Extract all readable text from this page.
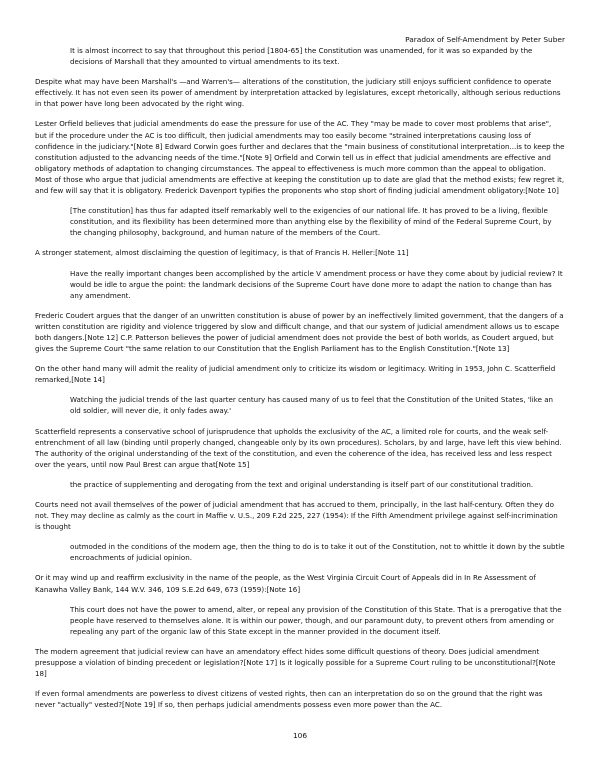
Paradox of Self-Amendment by Peter Suber

It is almost incorrect to say that throughout this period [1804-65] the Constitution was unamended, for it was so expanded by the decisions of Marshall that they amounted to virtual amendments to its text.

Despite what may have been Marshall's —and Warren's— alterations of the constitution, the judiciary still enjoys sufficient confidence to operate effectively. It has not even seen its power of amendment by interpretation attacked by legislatures, except rhetorically, although serious reductions in that power have long been advocated by the right wing.

Lester Orfield believes that judicial amendments do ease the pressure for use of the AC. They "may be made to cover most problems that arise", but if the procedure under the AC is too difficult, then judicial amendments may too easily become "strained interpretations causing loss of confidence in the judiciary."[Note 8] Edward Corwin goes further and declares that the "main business of constitutional interpretation...is to keep the constitution adjusted to the advancing needs of the time."[Note 9] Orfield and Corwin tell us in effect that judicial amendments are effective and obligatory methods of adaptation to changing circumstances. The appeal to effectiveness is much more common than the appeal to obligation. Most of those who argue that judicial amendments are effective at keeping the constitution up to date are glad that the method exists; few regret it, and few will say that it is obligatory. Frederick Davenport typifies the proponents who stop short of finding judicial amendment obligatory:[Note 10]

[The constitution] has thus far adapted itself remarkably well to the exigencies of our national life. It has proved to be a living, flexible constitution, and its flexibility has been determined more than anything else by the flexibility of mind of the Federal Supreme Court, by the changing philosophy, background, and human nature of the members of the Court.

A stronger statement, almost disclaiming the question of legitimacy, is that of Francis H. Heller:[Note 11]

Have the really important changes been accomplished by the article V amendment process or have they come about by judicial review? It would be idle to argue the point: the landmark decisions of the Supreme Court have done more to adapt the nation to change than has any amendment.

Frederic Coudert argues that the danger of an unwritten constitution is abuse of power by an ineffectively limited government, that the dangers of a written constitution are rigidity and violence triggered by slow and difficult change, and that our system of judicial amendment allows us to escape both dangers.[Note 12] C.P. Patterson believes the power of judicial amendment does not provide the best of both worlds, as Coudert argued, but gives the Supreme Court "the same relation to our Constitution that the English Parliament has to the English Constitution."[Note 13]

On the other hand many will admit the reality of judicial amendment only to criticize its wisdom or legitimacy. Writing in 1953, John C. Scatterfield remarked,[Note 14]

Watching the judicial trends of the last quarter century has caused many of us to feel that the Constitution of the United States, 'like an old soldier, will never die, it only fades away.'

Scatterfield represents a conservative school of jurisprudence that upholds the exclusivity of the AC, a limited role for courts, and the weak self-entrenchment of all law (binding until properly changed, changeable only by its own procedures). Scholars, by and large, have left this view behind. The authority of the original understanding of the text of the constitution, and even the coherence of the idea, has received less and less respect over the years, until now Paul Brest can argue that[Note 15]

the practice of supplementing and derogating from the text and original understanding is itself part of our constitutional tradition.

Courts need not avail themselves of the power of judicial amendment that has accrued to them, principally, in the last half-century. Often they do not. They may decline as calmly as the court in Maffie v. U.S., 209 F.2d 225, 227 (1954): If the Fifth Amendment privilege against self-incrimination is thought

outmoded in the conditions of the modern age, then the thing to do is to take it out of the Constitution, not to whittle it down by the subtle encroachments of judicial opinion.

Or it may wind up and reaffirm exclusivity in the name of the people, as the West Virginia Circuit Court of Appeals did in In Re Assessment of Kanawha Valley Bank, 144 W.V. 346, 109 S.E.2d 649, 673 (1959):[Note 16]

This court does not have the power to amend, alter, or repeal any provision of the Constitution of this State. That is a prerogative that the people have reserved to themselves alone. It is within our power, though, and our paramount duty, to prevent others from amending or repealing any part of the organic law of this State except in the manner provided in the document itself.

The modern agreement that judicial review can have an amendatory effect hides some difficult questions of theory. Does judicial amendment presuppose a violation of binding precedent or legislation?[Note 17] Is it logically possible for a Supreme Court ruling to be unconstitutional?[Note 18]

If even formal amendments are powerless to divest citizens of vested rights, then can an interpretation do so on the ground that the right was never "actually" vested?[Note 19] If so, then perhaps judicial amendments possess even more power than the AC.

106
